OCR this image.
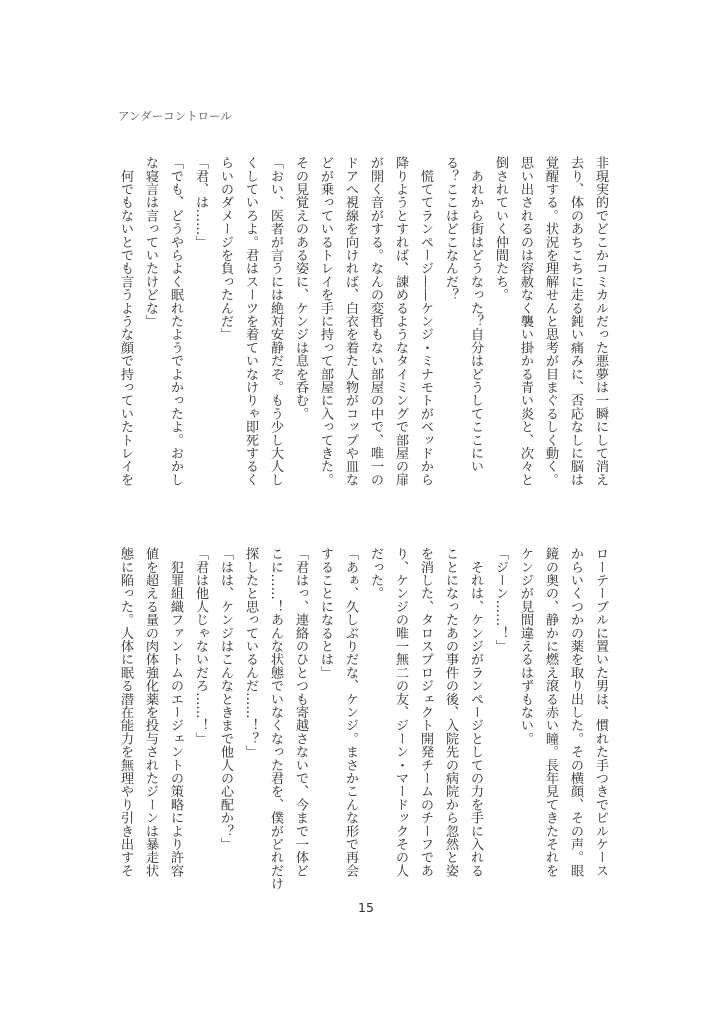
アンダーコントロール
非現実的でどこかコミカルだった悪夢は一瞬にして消え
去り、体のあちこちに走る鈍い痛みに、否応なしに脳は
覚醒する。状況を理解せんと思考が目まぐるしく動く。
思い出されるのは容赦なく襲い掛かる青い炎と、次々と
倒されていく仲間たち。
　あれから街はどうなった？自分はどうしてここにい
る？ここはどこなんだ？
　慌ててランページ——ケンジ・ミナモトがベッドから
降りようとすれば、諌めるようなタイミングで部屋の扉
が開く音がする。なんの変哲もない部屋の中で、唯一の
ドアへ視線を向ければ、白衣を着た人物がコップや皿な
どが乗っているトレイを手に持って部屋に入ってきた。
その見覚えのある姿に、ケンジは息を呑む。
「おい、医者が言うには絶対安静だぞ。もう少し大人し
くしていろよ。君はスーツを着ていなけりゃ即死するく
らいのダメージを負ったんだ」
「君、は……」
「でも、どうやらよく眠れたようでよかったよ。おかし
な寝言は言っていたけどな」
　何でもないとでも言うような顔で持っていたトレイを
ローテーブルに置いた男は、慣れた手つきでピルケース
からいくつかの薬を取り出した。その横顔、その声。眼
鏡の奥の、静かに燃え滾る赤い瞳。長年見てきたそれを
ケンジが見間違えるはずもない。
「ジーン……！」
　それは、ケンジがランページとしての力を手に入れる
ことになったあの事件の後、入院先の病院から忽然と姿
を消した、タロスプロジェクト開発チームのチーフであ
り、ケンジの唯一無二の友、ジーン・マードックその人
だった。
「あぁ、久しぶりだな、ケンジ。まさかこんな形で再会
することになるとは」
「君はっ、連絡のひとつも寄越さないで、今まで一体ど
こに……！あんな状態でいなくなった君を、僕がどれだけ
探したと思っているんだ……！？」
「はは、ケンジはこんなときまで他人の心配か？」
「君は他人じゃないだろ……！」
　犯罪組織ファントムのエージェントの策略により許容
値を超える量の肉体強化薬を投与されたジーンは暴走状
態に陥った。人体に眠る潜在能力を無理やり引き出すそ
15
